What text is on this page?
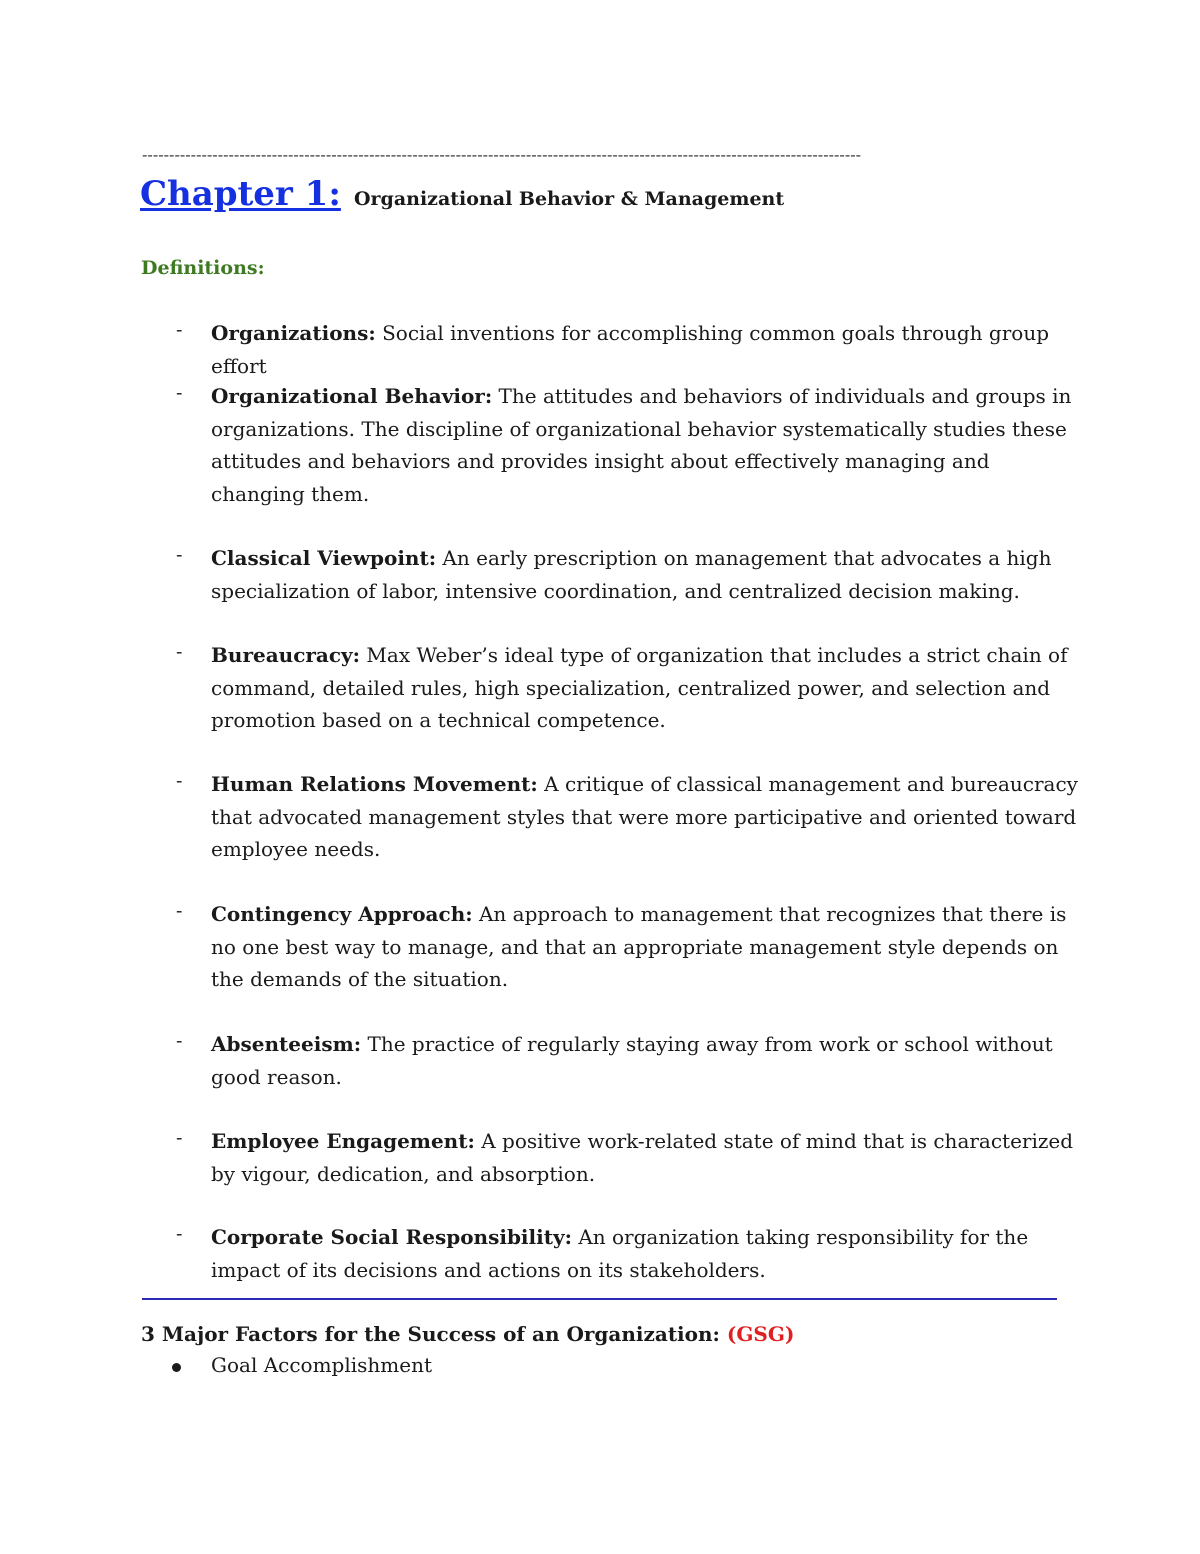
-------------------------------------------------------------------------------------------------------------------------------------
Chapter 1: Organizational Behavior & Management
Definitions:
- Organizations: Social inventions for accomplishing common goals through group effort
- Organizational Behavior: The attitudes and behaviors of individuals and groups in organizations. The discipline of organizational behavior systematically studies these attitudes and behaviors and provides insight about effectively managing and changing them.
- Classical Viewpoint: An early prescription on management that advocates a high specialization of labor, intensive coordination, and centralized decision making.
- Bureaucracy: Max Weber’s ideal type of organization that includes a strict chain of command, detailed rules, high specialization, centralized power, and selection and promotion based on a technical competence.
- Human Relations Movement: A critique of classical management and bureaucracy that advocated management styles that were more participative and oriented toward employee needs.
- Contingency Approach: An approach to management that recognizes that there is no one best way to manage, and that an appropriate management style depends on the demands of the situation.
- Absenteeism: The practice of regularly staying away from work or school without good reason.
- Employee Engagement: A positive work-related state of mind that is characterized by vigour, dedication, and absorption.
- Corporate Social Responsibility: An organization taking responsibility for the impact of its decisions and actions on its stakeholders.
3 Major Factors for the Success of an Organization: (GSG)
Goal Accomplishment
